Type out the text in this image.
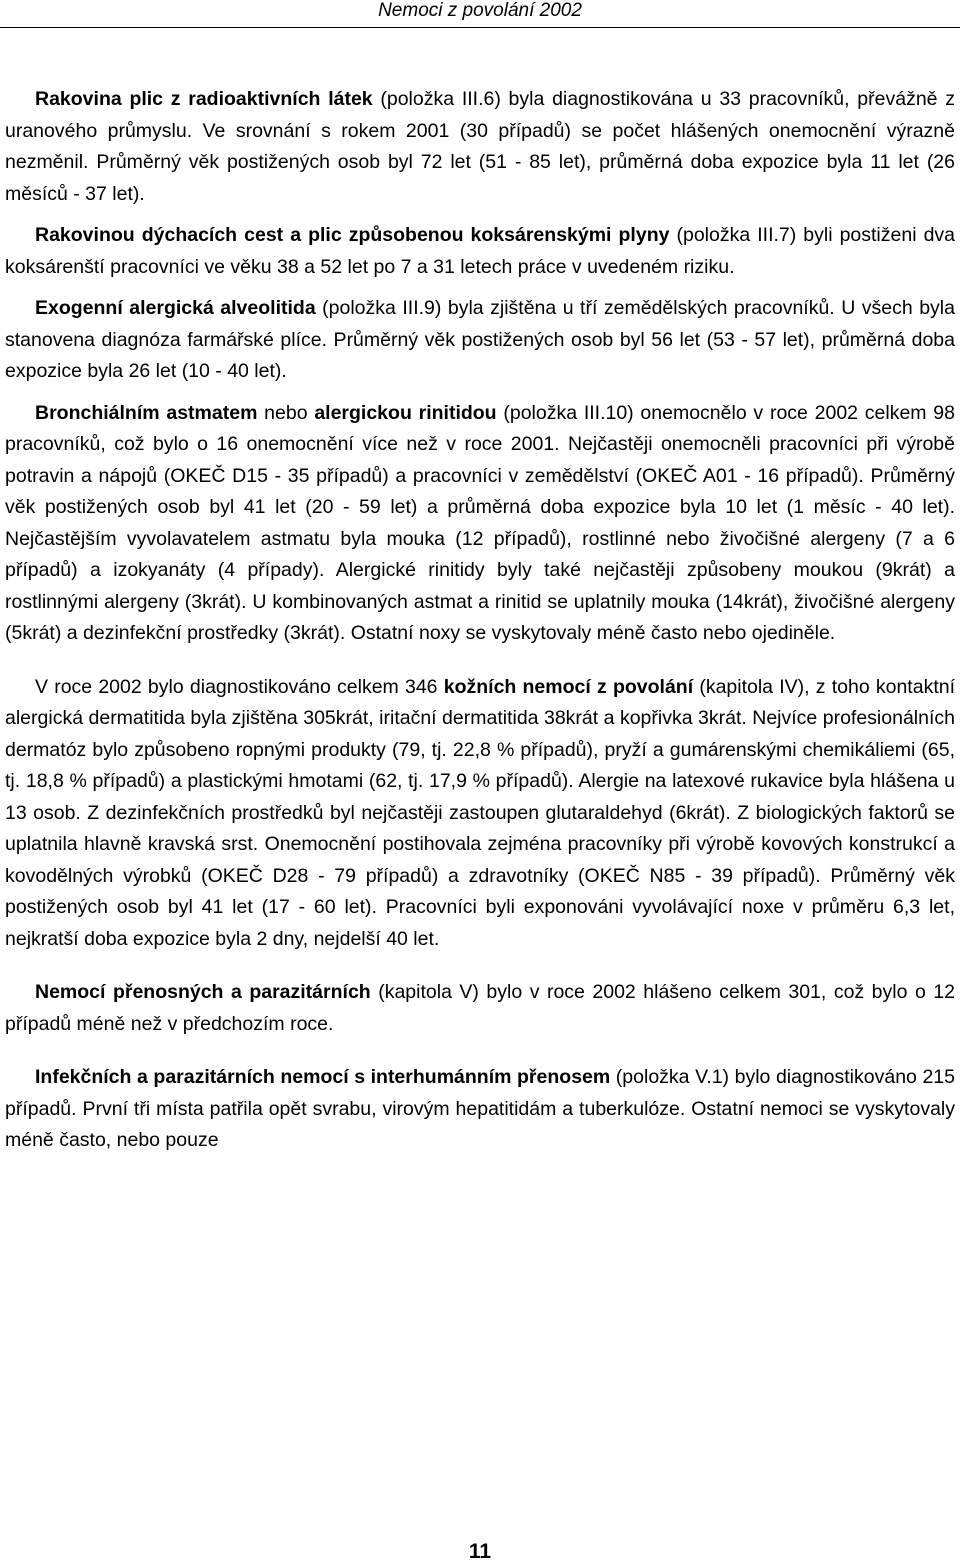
Nemoci z povolání 2002

Rakovina plic z radioaktivních látek (položka III.6) byla diagnostikována u 33 pracovníků, převážně z uranového průmyslu. Ve srovnání s rokem 2001 (30 případů) se počet hlášených onemocnění výrazně nezměnil. Průměrný věk postižených osob byl 72 let (51 - 85 let), průměrná doba expozice byla 11 let (26 měsíců - 37 let).

Rakovinou dýchacích cest a plic způsobenou koksárenskými plyny (položka III.7) byli postiženi dva koksárenští pracovníci ve věku 38 a 52 let po 7 a 31 letech práce v uvedeném riziku.

Exogenní alergická alveolitida (položka III.9) byla zjištěna u tří zemědělských pracovníků. U všech byla stanovena diagnóza farmářské plíce. Průměrný věk postižených osob byl 56 let (53 - 57 let), průměrná doba expozice byla 26 let (10 - 40 let).

Bronchiálním astmatem nebo alergickou rinitidou (položka III.10) onemocnělo v roce 2002 celkem 98 pracovníků, což bylo o 16 onemocnění více než v roce 2001. Nejčastěji onemocněli pracovníci při výrobě potravin a nápojů (OKEČ D15 - 35 případů) a pracovníci v zemědělství (OKEČ A01 - 16 případů). Průměrný věk postižených osob byl 41 let (20 - 59 let) a průměrná doba expozice byla 10 let (1 měsíc - 40 let). Nejčastějším vyvolavatelem astmatu byla mouka (12 případů), rostlinné nebo živočišné alergeny (7 a 6 případů) a izokyanáty (4 případy). Alergické rinitidy byly také nejčastěji způsobeny moukou (9krát) a rostlinnými alergeny (3krát). U kombinovaných astmat a rinitid se uplatnily mouka (14krát), živočišné alergeny (5krát) a dezinfekční prostředky (3krát). Ostatní noxy se vyskytovaly méně často nebo ojediněle.

V roce 2002 bylo diagnostikováno celkem 346 kožních nemocí z povolání (kapitola IV), z toho kontaktní alergická dermatitida byla zjištěna 305krát, iritační dermatitida 38krát a kopřivka 3krát. Nejvíce profesionálních dermatóz bylo způsobeno ropnými produkty (79, tj. 22,8 % případů), pryží a gumárenskými chemikáliemi (65, tj. 18,8 % případů) a plastickými hmotami (62, tj. 17,9 % případů). Alergie na latexové rukavice byla hlášena u 13 osob. Z dezinfekčních prostředků byl nejčastěji zastoupen glutaraldehyd (6krát). Z biologických faktorů se uplatnila hlavně kravská srst. Onemocnění postihovala zejména pracovníky při výrobě kovových konstrukcí a kovodělných výrobků (OKEČ D28 - 79 případů) a zdravotníky (OKEČ N85 - 39 případů). Průměrný věk postižených osob byl 41 let (17 - 60 let). Pracovníci byli exponováni vyvolávající noxe v průměru 6,3 let, nejkratší doba expozice byla 2 dny, nejdelší 40 let.

Nemocí přenosných a parazitárních (kapitola V) bylo v roce 2002 hlášeno celkem 301, což bylo o 12 případů méně než v předchozím roce.

Infekčních a parazitárních nemocí s interhumánním přenosem (položka V.1) bylo diagnostikováno 215 případů. První tři místa patřila opět svrabu, virovým hepatitidám a tuberkulóze. Ostatní nemoci se vyskytovaly méně často, nebo pouze

11
